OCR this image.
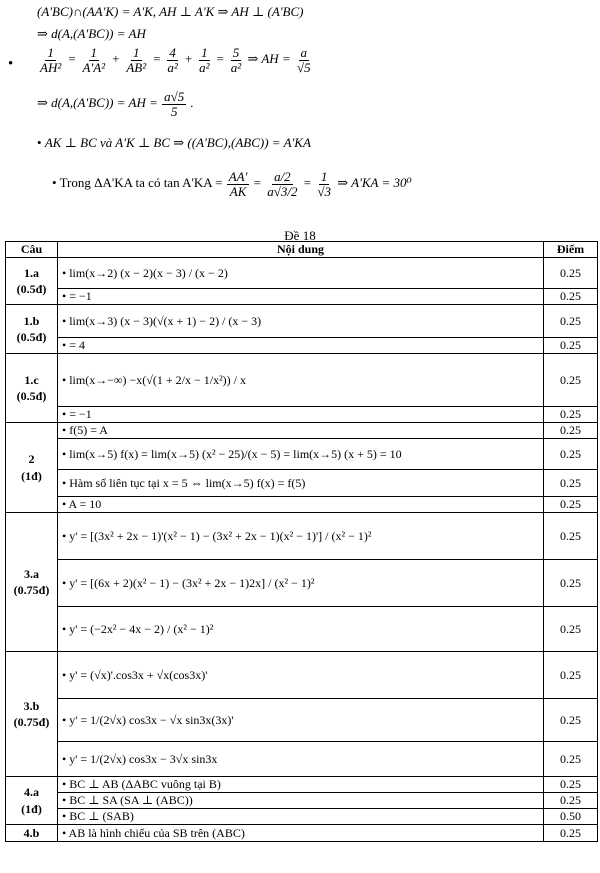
(A'BC)∩(AA'K) = A'K, AH ⊥ A'K ⇒ AH ⊥ (A'BC)
⇒ d(A,(A'BC)) = AH
• $\frac{1}{\text{AH²}} = \frac{1}{\text{A'A²}} + \frac{1}{\text{AB²}} = \frac{4}{\text{a²}} + \frac{1}{\text{a²}} = \frac{5}{\text{a²}}$ ⇒ AH = $\frac{a}{√5}$
⇒ d(A,(A'BC)) = AH = $\frac{a√5}{5}$ .
• AK ⊥ BC và A'K ⊥ BC ⇒ ((A'BC),(ABC)) = A'KA
• Trong ΔA'KA ta có $\tan A'KA = \frac{AA'}{AK} = \frac{a/2}{a√3/2} = \frac{1}{√3}$ ⇒ A'KA = 30⁰
Đề 18
Câu	Nội dung	Điểm

1.a
(0.5đ)	• lim(x→2) (x − 2)(x − 3) / (x − 2)	0.25
	• = −1	0.25

1.b
(0.5đ)	• lim(x→3) (x − 3)(√(x + 1) − 2) / (x − 3)	0.25
	• = 4	0.25

1.c
(0.5đ)	• lim(x→−∞) −x(√(1 + 2/x − 1/x²)) / x	0.25
	• = −1	0.25

2
(1đ)	• f(5) = A	0.25
	• lim(x→5) f(x) = lim(x→5) (x² − 25)/(x − 5) = lim(x→5) (x + 5) = 10	0.25
	• Hàm số liên tục tại x = 5 ⇔ lim(x→5) f(x) = f(5)	0.25
	• A = 10	0.25

3.a
(0.75đ)	• y' = [(3x² + 2x − 1)'(x² − 1) − (3x² + 2x − 1)(x² − 1)'] / (x² − 1)²	0.25
	• y' = [(6x + 2)(x² − 1) − (3x² + 2x − 1)2x] / (x² − 1)²	0.25
	• y' = (−2x² − 4x − 2) / (x² − 1)²	0.25

3.b
(0.75đ)	• y' = (√x)'.cos3x + √x(cos3x)'	0.25
	• y' = 1/(2√x) cos3x − √x sin3x(3x)'	0.25
	• y' = 1/(2√x) cos3x − 3√x sin3x	0.25

4.a
(1đ)	• BC ⊥ AB (ΔABC vuông tại B)	0.25
	• BC ⊥ SA (SA ⊥ (ABC))	0.25
	• BC ⊥ (SAB)	0.50

4.b	• AB là hình chiếu của SB trên (ABC)	0.25
